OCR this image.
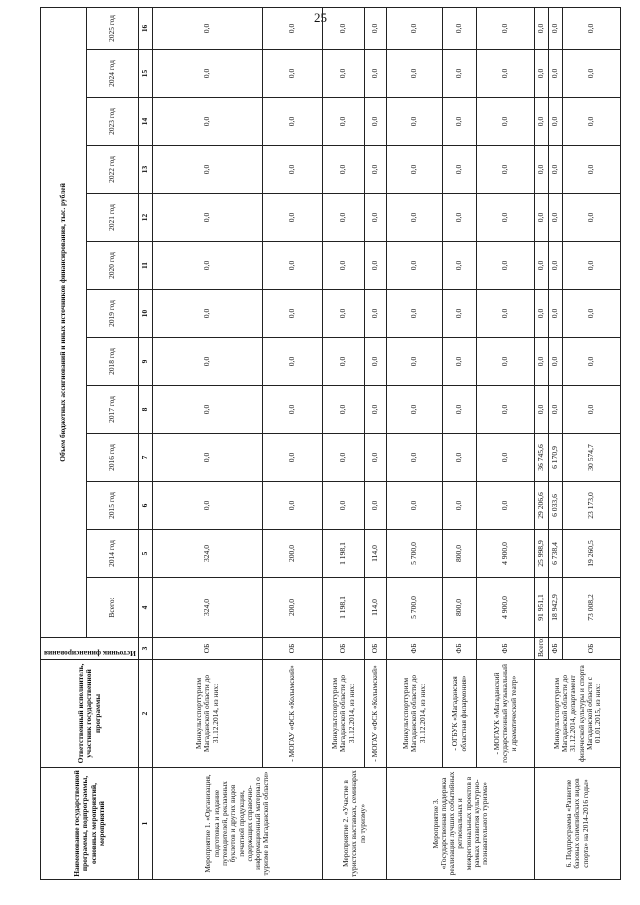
25
Наименование государственной программы, подпрограммы, основных мероприятий, мероприятий	Ответственный исполнитель, участник государственной программы	Источник финансирования	Объем бюджетных ассигнований и иных источников финансирования, тыс. рублей												
			Всего:	2014 год	2015 год	2016 год	2017 год	2018 год	2019 год	2020 год	2021 год	2022 год	2023 год	2024 год	2025 год
1	2	3	4	5	6	7	8	9	10	11	12	13	14	15	16
Мероприятие 1. «Организация, подготовка и издание путеводителей, рекламных буклетов и других видов печатной продукции, содержащих справочно-информационный материал о туризме в Магаданской области»	Минкультспорттуризм Магаданской области до 31.12.2014, из них:	ОБ	324,0	324,0	0,0	0,0	0,0	0,0	0,0	0,0	0,0	0,0	0,0	0,0	0,0
	- МОГАУ «ФСК «Колымский»	ОБ	200,0	200,0	0,0	0,0	0,0	0,0	0,0	0,0	0,0	0,0	0,0	0,0	0,0
Мероприятие 2. «Участие в туристских выставках, семинарах по туризму»	Минкультспорттуризм Магаданской области до 31.12.2014, из них:	ОБ	1 198,1	1 198,1	0,0	0,0	0,0	0,0	0,0	0,0	0,0	0,0	0,0	0,0	0,0
	- МОГАУ «ФСК «Колымский»	ОБ	114,0	114,0	0,0	0,0	0,0	0,0	0,0	0,0	0,0	0,0	0,0	0,0	0,0
Мероприятие 3. «Государственная поддержка реализации лучших событийных региональных и межрегиональных проектов в рамках развития культурно-познавательного туризма»	Минкультспорттуризм Магаданской области до 31.12.2014, из них:	ФБ	5 700,0	5 700,0	0,0	0,0	0,0	0,0	0,0	0,0	0,0	0,0	0,0	0,0	0,0
	- ОГБУК «Магаданская областная филармония»	ФБ	800,0	800,0	0,0	0,0	0,0	0,0	0,0	0,0	0,0	0,0	0,0	0,0	0,0
	- МОГАУК «Магаданский государственный музыкальный и драматический театр»	ФБ	4 900,0	4 900,0	0,0	0,0	0,0	0,0	0,0	0,0	0,0	0,0	0,0	0,0	0,0
6. Подпрограмма «Развитие базовых олимпийских видов спорта» на 2014-2016 годы»	Минкультспорттуризм Магаданской области до 31.12.2014, департамент физической культуры и спорта Магаданской области с 01.01.2015, из них:	Всего:	91 951,1	25 998,9	29 206,6	36 745,6	0,0	0,0	0,0	0,0	0,0	0,0	0,0	0,0	0,0
		ФБ	18 942,9	6 738,4	6 033,6	6 170,9	0,0	0,0	0,0	0,0	0,0	0,0	0,0	0,0	0,0
		ОБ	73 008,2	19 260,5	23 173,0	30 574,7	0,0	0,0	0,0	0,0	0,0	0,0	0,0	0,0	0,0
